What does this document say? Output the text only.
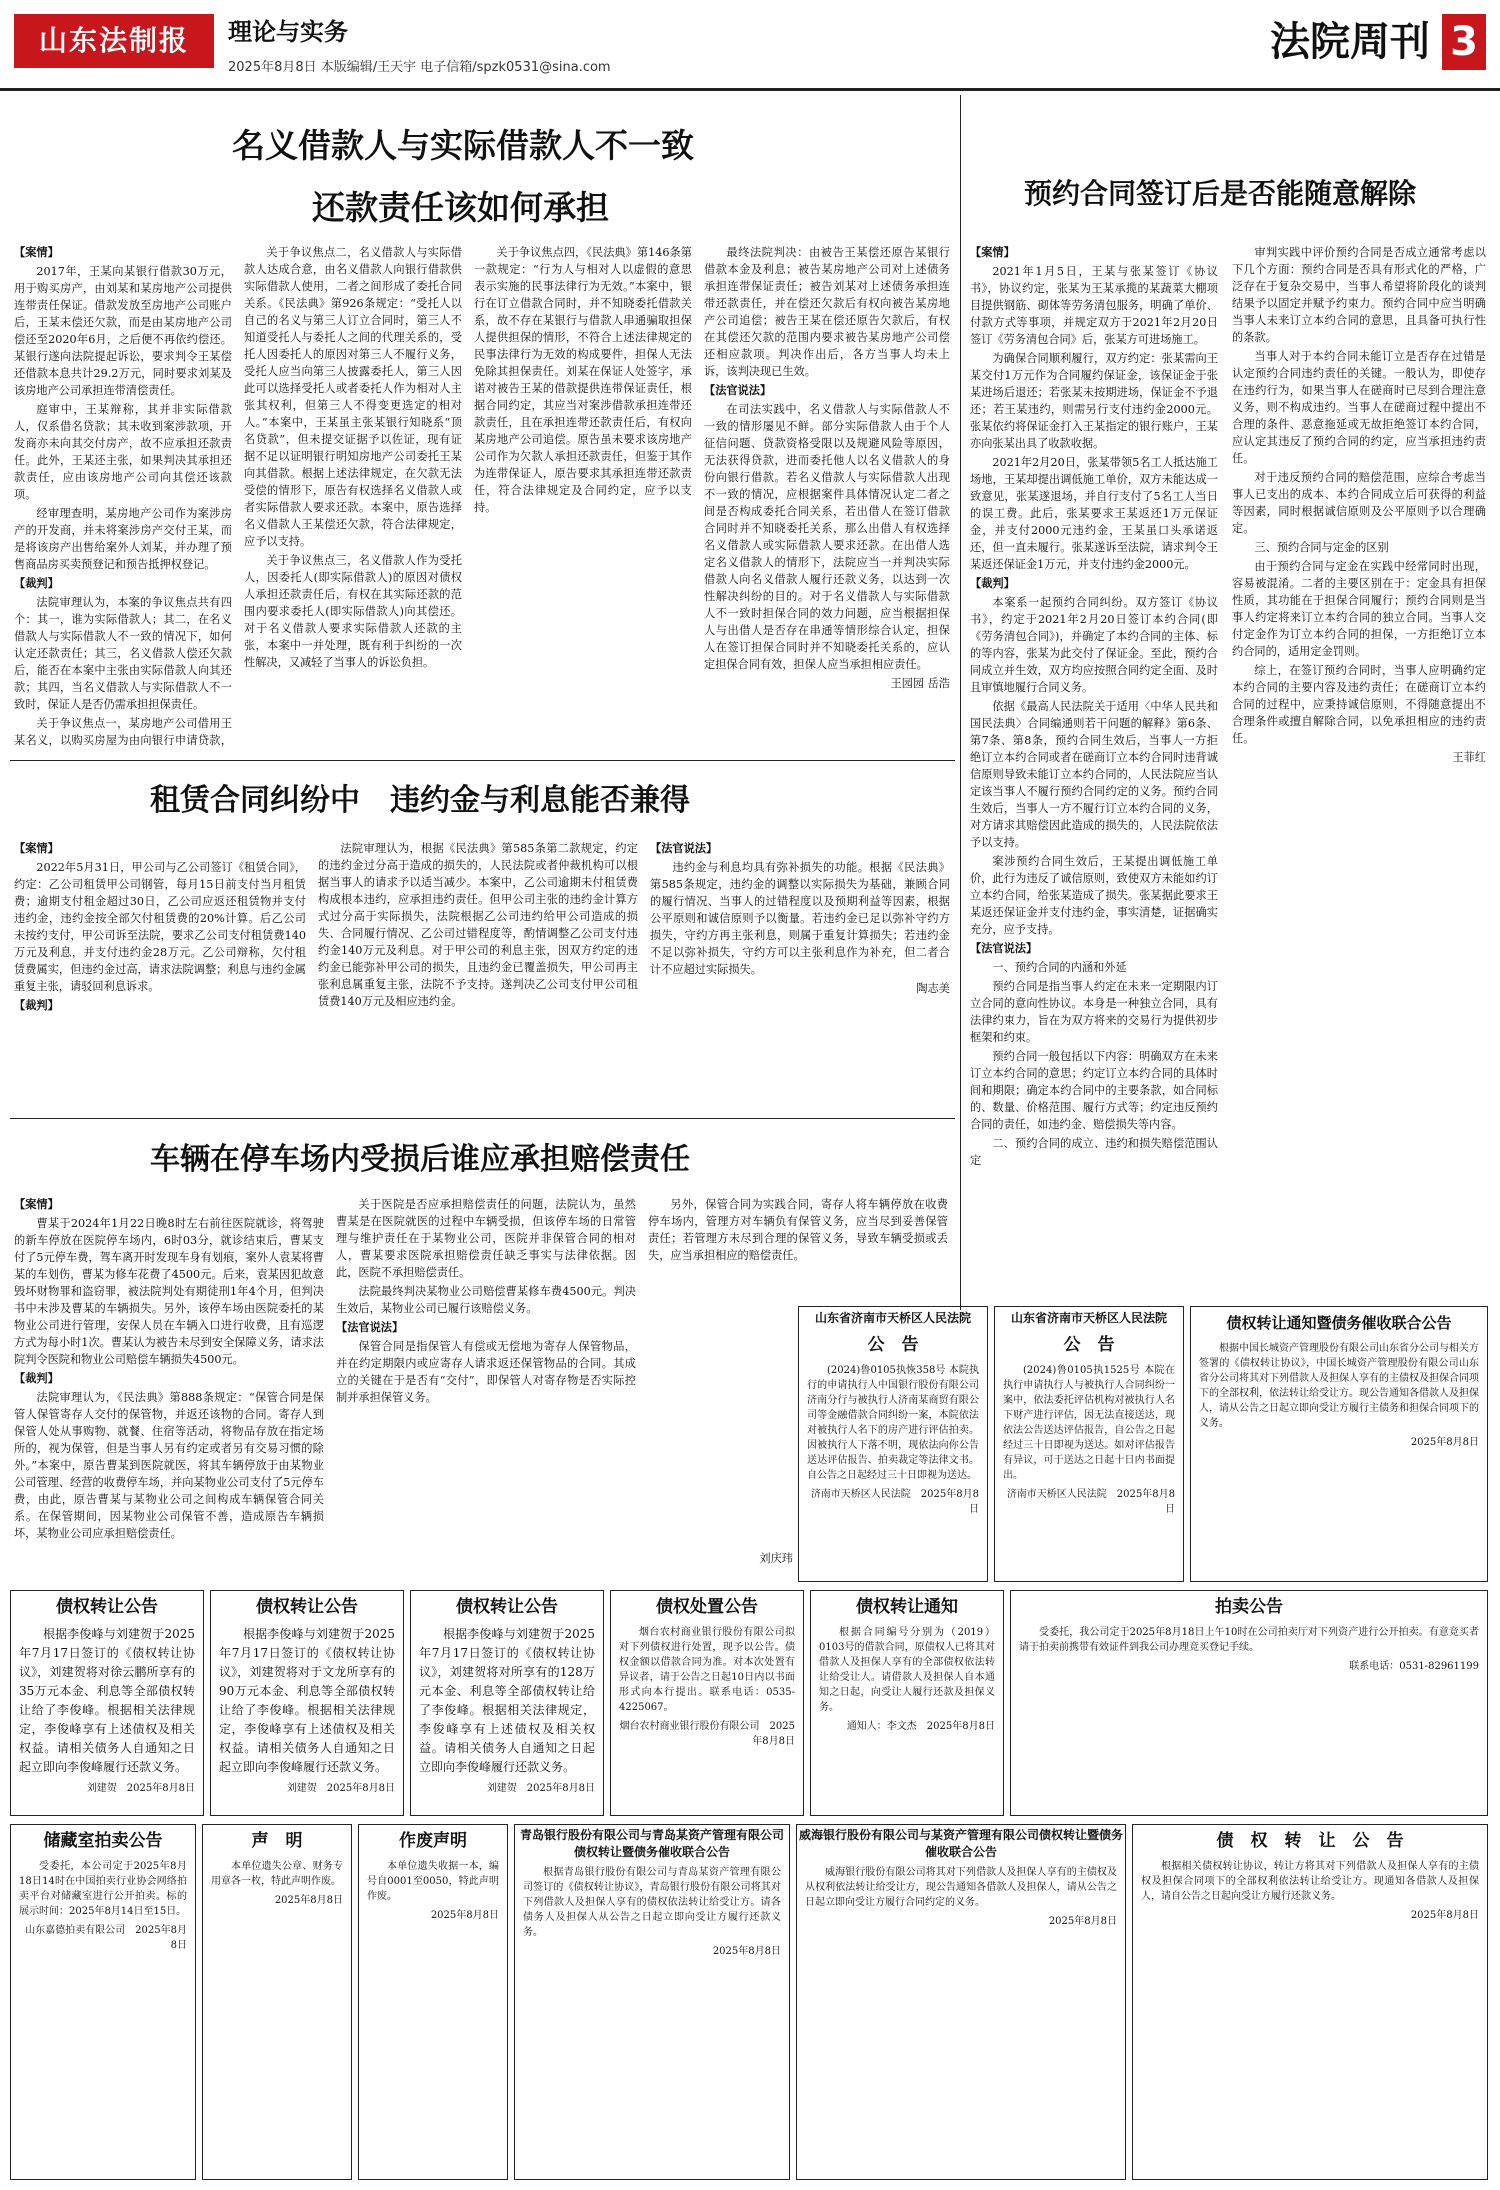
山东法制报	理论与实务
2025年8月8日 本版编辑/王天宇 电子信箱/spzk0531@sina.com
法院周刊 3
名义借款人与实际借款人不一致
还款责任该如何承担	预约合同签订后是否能随意解除

【案情】

2017年，王某向某银行借款30万元，用于购买房产，由刘某和某房地产公司提供连带责任保证。借款发放至房地产公司账户后，王某未偿还欠款，而是由某房地产公司偿还至2020年6月，之后便不再依约偿还。某银行遂向法院提起诉讼，要求判令王某偿还借款本息共计29.2万元，同时要求刘某及该房地产公司承担连带清偿责任。

庭审中，王某辩称，其并非实际借款人，仅系借名贷款；其未收到案涉款项，开发商亦未向其交付房产，故不应承担还款责任。此外，王某还主张，如果判决其承担还款责任，应由该房地产公司向其偿还该款项。

经审理查明，某房地产公司作为案涉房产的开发商，并未将案涉房产交付王某，而是将该房产出售给案外人刘某，并办理了预售商品房买卖预登记和预告抵押权登记。

【裁判】

法院审理认为，本案的争议焦点共有四个：其一，谁为实际借款人；其二，在名义借款人与实际借款人不一致的情况下，如何认定还款责任；其三，名义借款人偿还欠款后，能否在本案中主张由实际借款人向其还款；其四，当名义借款人与实际借款人不一致时，保证人是否仍需承担担保责任。

关于争议焦点一，某房地产公司借用王某名义，以购买房屋为由向银行申请贷款，

关于争议焦点二，名义借款人与实际借款人达成合意，由名义借款人向银行借款供实际借款人使用，二者之间形成了委托合同关系。《民法典》第926条规定：“受托人以自己的名义与第三人订立合同时，第三人不知道受托人与委托人之间的代理关系的，受托人因委托人的原因对第三人不履行义务，受托人应当向第三人披露委托人，第三人因此可以选择受托人或者委托人作为相对人主张其权利，但第三人不得变更选定的相对人。”本案中，王某虽主张某银行知晓系“顶名贷款”，但未提交证据予以佐证，现有证据不足以证明银行明知房地产公司委托王某向其借款。根据上述法律规定，在欠款无法受偿的情形下，原告有权选择名义借款人或者实际借款人要求还款。本案中，原告选择名义借款人王某偿还欠款，符合法律规定，应予以支持。

关于争议焦点三，名义借款人作为受托人，因委托人(即实际借款人)的原因对债权人承担还款责任后，有权在其实际还款的范围内要求委托人(即实际借款人)向其偿还。对于名义借款人要求实际借款人还款的主张，本案中一并处理，既有利于纠纷的一次性解决，又减轻了当事人的诉讼负担。

关于争议焦点四，《民法典》第146条第一款规定：“行为人与相对人以虚假的意思表示实施的民事法律行为无效。”本案中，银行在订立借款合同时，并不知晓委托借款关系，故不存在某银行与借款人串通骗取担保人提供担保的情形，不符合上述法律规定的民事法律行为无效的构成要件，担保人无法免除其担保责任。刘某在保证人处签字，承诺对被告王某的借款提供连带保证责任，根据合同约定，其应当对案涉借款承担连带还款责任，且在承担连带还款责任后，有权向某房地产公司追偿。原告虽未要求该房地产公司作为欠款人承担还款责任，但鉴于其作为连带保证人，原告要求其承担连带还款责任，符合法律规定及合同约定，应予以支持。

最终法院判决：由被告王某偿还原告某银行借款本金及利息；被告某房地产公司对上述债务承担连带保证责任；被告刘某对上述债务承担连带还款责任，并在偿还欠款后有权向被告某房地产公司追偿；被告王某在偿还原告欠款后，有权在其偿还欠款的范围内要求被告某房地产公司偿还相应款项。判决作出后，各方当事人均未上诉，该判决现已生效。

【法官说法】

在司法实践中，名义借款人与实际借款人不一致的情形屡见不鲜。部分实际借款人由于个人征信问题、贷款资格受限以及规避风险等原因，无法获得贷款，进而委托他人以名义借款人的身份向银行借款。若名义借款人与实际借款人出现不一致的情况，应根据案件具体情况认定二者之间是否构成委托合同关系，若出借人在签订借款合同时并不知晓委托关系，那么出借人有权选择名义借款人或实际借款人要求还款。在出借人选定名义借款人的情形下，法院应当一并判决实际借款人向名义借款人履行还款义务，以达到一次性解决纠纷的目的。对于名义借款人与实际借款人不一致时担保合同的效力问题，应当根据担保人与出借人是否存在串通等情形综合认定，担保人在签订担保合同时并不知晓委托关系的，应认定担保合同有效，担保人应当承担相应责任。

王园园 岳浩

【案情】

2021年1月5日，王某与张某签订《协议书》，协议约定，张某为王某承揽的某蔬菜大棚项目提供钢筋、砌体等劳务清包服务，明确了单价、付款方式等事项，并规定双方于2021年2月20日签订《劳务清包合同》后，张某方可进场施工。

为确保合同顺利履行，双方约定：张某需向王某交付1万元作为合同履约保证金，该保证金于张某进场后退还；若张某未按期进场，保证金不予退还；若王某违约，则需另行支付违约金2000元。张某依约将保证金打入王某指定的银行账户，王某亦向张某出具了收款收据。

2021年2月20日，张某带领5名工人抵达施工场地，王某却提出调低施工单价，双方未能达成一致意见，张某遂退场，并自行支付了5名工人当日的误工费。此后，张某要求王某返还1万元保证金，并支付2000元违约金，王某虽口头承诺返还，但一直未履行。张某遂诉至法院，请求判令王某返还保证金1万元，并支付违约金2000元。

【裁判】

本案系一起预约合同纠纷。双方签订《协议书》，约定于2021年2月20日签订本约合同(即《劳务清包合同》)，并确定了本约合同的主体、标的等内容，张某为此交付了保证金。至此，预约合同成立并生效，双方均应按照合同约定全面、及时且审慎地履行合同义务。

依据《最高人民法院关于适用〈中华人民共和国民法典〉合同编通则若干问题的解释》第6条、第7条、第8条，预约合同生效后，当事人一方拒绝订立本约合同或者在磋商订立本约合同时违背诚信原则导致未能订立本约合同的，人民法院应当认定该当事人不履行预约合同约定的义务。预约合同生效后，当事人一方不履行订立本约合同的义务，对方请求其赔偿因此造成的损失的，人民法院依法予以支持。

案涉预约合同生效后，王某提出调低施工单价，此行为违反了诚信原则，致使双方未能如约订立本约合同，给张某造成了损失。张某据此要求王某返还保证金并支付违约金，事实清楚，证据确实充分，应予支持。

【法官说法】

一、预约合同的内涵和外延

预约合同是指当事人约定在未来一定期限内订立合同的意向性协议。本身是一种独立合同，具有法律约束力，旨在为双方将来的交易行为提供初步框架和约束。

预约合同一般包括以下内容：明确双方在未来订立本约合同的意思；约定订立本约合同的具体时间和期限；确定本约合同中的主要条款，如合同标的、数量、价格范围、履行方式等；约定违反预约合同的责任，如违约金、赔偿损失等内容。

二、预约合同的成立、违约和损失赔偿范围认定

审判实践中评价预约合同是否成立通常考虑以下几个方面：预约合同是否具有形式化的严格，广泛存在于复杂交易中，当事人希望将阶段化的谈判结果予以固定并赋予约束力。预约合同中应当明确当事人未来订立本约合同的意思，且具备可执行性的条款。

当事人对于本约合同未能订立是否存在过错是认定预约合同违约责任的关键。一般认为，即使存在违约行为，如果当事人在磋商时已尽到合理注意义务，则不构成违约。当事人在磋商过程中提出不合理的条件、恶意拖延或无故拒绝签订本约合同，应认定其违反了预约合同的约定，应当承担违约责任。

对于违反预约合同的赔偿范围，应综合考虑当事人已支出的成本、本约合同成立后可获得的利益等因素，同时根据诚信原则及公平原则予以合理确定。

三、预约合同与定金的区别

由于预约合同与定金在实践中经常同时出现，容易被混淆。二者的主要区别在于：定金具有担保性质，其功能在于担保合同履行；预约合同则是当事人约定将来订立本约合同的独立合同。当事人交付定金作为订立本约合同的担保，一方拒绝订立本约合同的，适用定金罚则。

综上，在签订预约合同时，当事人应明确约定本约合同的主要内容及违约责任；在磋商订立本约合同的过程中，应秉持诚信原则，不得随意提出不合理条件或擅自解除合同，以免承担相应的违约责任。

王菲红

租赁合同纠纷中　违约金与利息能否兼得

【案情】

2022年5月31日，甲公司与乙公司签订《租赁合同》，约定：乙公司租赁甲公司钢管，每月15日前支付当月租赁费；逾期支付租金超过30日，乙公司应返还租赁物并支付违约金，违约金按全部欠付租赁费的20%计算。后乙公司未按约支付，甲公司诉至法院，要求乙公司支付租赁费140万元及利息，并支付违约金28万元。乙公司辩称，欠付租赁费属实，但违约金过高，请求法院调整；利息与违约金属重复主张，请驳回利息诉求。

【裁判】

法院审理认为，根据《民法典》第585条第二款规定，约定的违约金过分高于造成的损失的，人民法院或者仲裁机构可以根据当事人的请求予以适当减少。本案中，乙公司逾期未付租赁费构成根本违约，应承担违约责任。但甲公司主张的违约金计算方式过分高于实际损失，法院根据乙公司违约给甲公司造成的损失、合同履行情况、乙公司过错程度等，酌情调整乙公司支付违约金140万元及利息。对于甲公司的利息主张，因双方约定的违约金已能弥补甲公司的损失，且违约金已覆盖损失，甲公司再主张利息属重复主张，法院不予支持。遂判决乙公司支付甲公司租赁费140万元及相应违约金。

【法官说法】

违约金与利息均具有弥补损失的功能。根据《民法典》第585条规定，违约金的调整以实际损失为基础，兼顾合同的履行情况、当事人的过错程度以及预期利益等因素，根据公平原则和诚信原则予以衡量。若违约金已足以弥补守约方损失，守约方再主张利息，则属于重复计算损失；若违约金不足以弥补损失，守约方可以主张利息作为补充，但二者合计不应超过实际损失。

陶志美

车辆在停车场内受损后谁应承担赔偿责任

【案情】

曹某于2024年1月22日晚8时左右前往医院就诊，将驾驶的新车停放在医院停车场内，6时03分，就诊结束后，曹某支付了5元停车费，驾车离开时发现车身有划痕，案外人袁某将曹某的车划伤，曹某为修车花费了4500元。后来，袁某因犯故意毁坏财物罪和盗窃罪，被法院判处有期徒刑1年4个月，但判决书中未涉及曹某的车辆损失。另外，该停车场由医院委托的某物业公司进行管理，安保人员在车辆入口进行收费，且有巡逻方式为每小时1次。曹某认为被告未尽到安全保障义务，请求法院判令医院和物业公司赔偿车辆损失4500元。

【裁判】

法院审理认为，《民法典》第888条规定：“保管合同是保管人保管寄存人交付的保管物，并返还该物的合同。寄存人到保管人处从事购物、就餐、住宿等活动，将物品存放在指定场所的，视为保管，但是当事人另有约定或者另有交易习惯的除外。”本案中，原告曹某到医院就医，将其车辆停放于由某物业公司管理、经营的收费停车场，并向某物业公司支付了5元停车费，由此，原告曹某与某物业公司之间构成车辆保管合同关系。在保管期间，因某物业公司保管不善，造成原告车辆损坏，某物业公司应承担赔偿责任。

关于医院是否应承担赔偿责任的问题，法院认为，虽然曹某是在医院就医的过程中车辆受损，但该停车场的日常管理与维护责任在于某物业公司，医院并非保管合同的相对人，曹某要求医院承担赔偿责任缺乏事实与法律依据。因此，医院不承担赔偿责任。

法院最终判决某物业公司赔偿曹某修车费4500元。判决生效后，某物业公司已履行该赔偿义务。

【法官说法】

保管合同是指保管人有偿或无偿地为寄存人保管物品，并在约定期限内或应寄存人请求返还保管物品的合同。其成立的关键在于是否有“交付”，即保管人对寄存物是否实际控制并承担保管义务。

另外，保管合同为实践合同，寄存人将车辆停放在收费停车场内，管理方对车辆负有保管义务，应当尽到妥善保管责任；若管理方未尽到合理的保管义务，导致车辆受损或丢失，应当承担相应的赔偿责任。

刘庆玮

山东省济南市天桥区人民法院
公　告

(2024)鲁0105执恢358号 本院执行的申请执行人中国银行股份有限公司济南分行与被执行人济南某商贸有限公司等金融借款合同纠纷一案，本院依法对被执行人名下的房产进行评估拍卖。因被执行人下落不明，现依法向你公告送达评估报告、拍卖裁定等法律文书。自公告之日起经过三十日即视为送达。

济南市天桥区人民法院　2025年8月8日
山东省济南市天桥区人民法院
公　告

(2024)鲁0105执1525号 本院在执行申请执行人与被执行人合同纠纷一案中，依法委托评估机构对被执行人名下财产进行评估，因无法直接送达，现依法公告送达评估报告，自公告之日起经过三十日即视为送达。如对评估报告有异议，可于送达之日起十日内书面提出。

济南市天桥区人民法院　2025年8月8日
债权转让通知暨债务催收联合公告

根据中国长城资产管理股份有限公司山东省分公司与相关方签署的《债权转让协议》，中国长城资产管理股份有限公司山东省分公司将其对下列借款人及担保人享有的主债权及担保合同项下的全部权利，依法转让给受让方。现公告通知各借款人及担保人，请从公告之日起立即向受让方履行主债务和担保合同项下的义务。

2025年8月8日
债权转让公告

根据李俊峰与刘建贺于2025年7月17日签订的《债权转让协议》，刘建贺将对徐云鹏所享有的35万元本金、利息等全部债权转让给了李俊峰。根据相关法律规定，李俊峰享有上述债权及相关权益。请相关债务人自通知之日起立即向李俊峰履行还款义务。

刘建贺　2025年8月8日
债权转让公告

根据李俊峰与刘建贺于2025年7月17日签订的《债权转让协议》，刘建贺将对于文龙所享有的90万元本金、利息等全部债权转让给了李俊峰。根据相关法律规定，李俊峰享有上述债权及相关权益。请相关债务人自通知之日起立即向李俊峰履行还款义务。

刘建贺　2025年8月8日
债权转让公告

根据李俊峰与刘建贺于2025年7月17日签订的《债权转让协议》，刘建贺将对所享有的128万元本金、利息等全部债权转让给了李俊峰。根据相关法律规定，李俊峰享有上述债权及相关权益。请相关债务人自通知之日起立即向李俊峰履行还款义务。

刘建贺　2025年8月8日
债权处置公告

烟台农村商业银行股份有限公司拟对下列债权进行处置，现予以公告。债权金额以借款合同为准。对本次处置有异议者，请于公告之日起10日内以书面形式向本行提出。联系电话：0535-4225067。

烟台农村商业银行股份有限公司　2025年8月8日
债权转让通知

根据合同编号分别为（2019）0103号的借款合同，原债权人已将其对借款人及担保人享有的全部债权依法转让给受让人。请借款人及担保人自本通知之日起，向受让人履行还款及担保义务。

通知人：李文杰　2025年8月8日
拍卖公告

受委托，我公司定于2025年8月18日上午10时在公司拍卖厅对下列资产进行公开拍卖。有意竞买者请于拍卖前携带有效证件到我公司办理竞买登记手续。

联系电话：0531-82961199
储藏室拍卖公告

受委托，本公司定于2025年8月18日14时在中国拍卖行业协会网络拍卖平台对储藏室进行公开拍卖。标的展示时间：2025年8月14日至15日。

山东嘉德拍卖有限公司　2025年8月8日
声　明

本单位遗失公章、财务专用章各一枚，特此声明作废。

2025年8月8日
作废声明

本单位遗失收据一本，编号自0001至0050，特此声明作废。

2025年8月8日
青岛银行股份有限公司与青岛某资产管理有限公司债权转让暨债务催收联合公告

根据青岛银行股份有限公司与青岛某资产管理有限公司签订的《债权转让协议》，青岛银行股份有限公司将其对下列借款人及担保人享有的债权依法转让给受让方。请各债务人及担保人从公告之日起立即向受让方履行还款义务。

2025年8月8日
威海银行股份有限公司与某资产管理有限公司债权转让暨债务催收联合公告

威海银行股份有限公司将其对下列借款人及担保人享有的主债权及从权利依法转让给受让方，现公告通知各借款人及担保人，请从公告之日起立即向受让方履行合同约定的义务。

2025年8月8日
债　权　转　让　公　告

根据相关债权转让协议，转让方将其对下列借款人及担保人享有的主债权及担保合同项下的全部权利依法转让给受让方。现通知各借款人及担保人，请自公告之日起向受让方履行还款义务。

2025年8月8日
